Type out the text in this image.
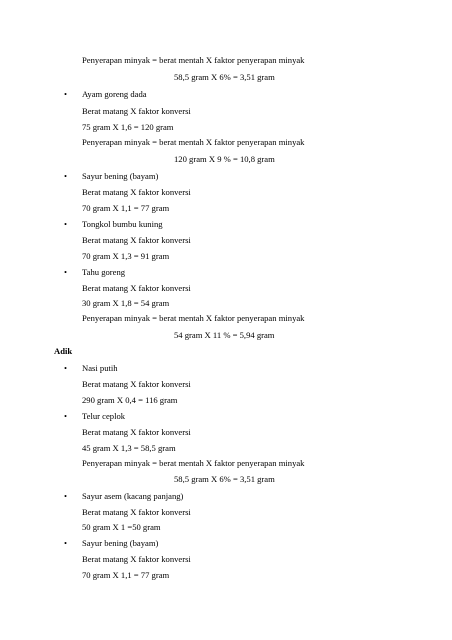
Penyerapan minyak = berat mentah X faktor penyerapan minyak
58,5 gram X 6% = 3,51 gram
• Ayam goreng dada
Berat matang X faktor konversi
75 gram X 1,6 = 120 gram
Penyerapan minyak = berat mentah X faktor penyerapan minyak
120 gram X 9 % = 10,8 gram
• Sayur bening (bayam)
Berat matang X faktor konversi
70 gram X 1,1 = 77 gram
• Tongkol bumbu kuning
Berat matang X faktor konversi
70 gram X 1,3 = 91 gram
• Tahu goreng
Berat matang X faktor konversi
30 gram X 1,8 = 54 gram
Penyerapan minyak = berat mentah X faktor penyerapan minyak
54 gram X 11 % = 5,94 gram
Adik
• Nasi putih
Berat matang X faktor konversi
290 gram X 0,4 = 116 gram
• Telur ceplok
Berat matang X faktor konversi
45 gram X 1,3 = 58,5 gram
Penyerapan minyak = berat mentah X faktor penyerapan minyak
58,5 gram X 6% = 3,51 gram
• Sayur asem (kacang panjang)
Berat matang X faktor konversi
50 gram X 1 =50 gram
• Sayur bening (bayam)
Berat matang X faktor konversi
70 gram X 1,1 = 77 gram
